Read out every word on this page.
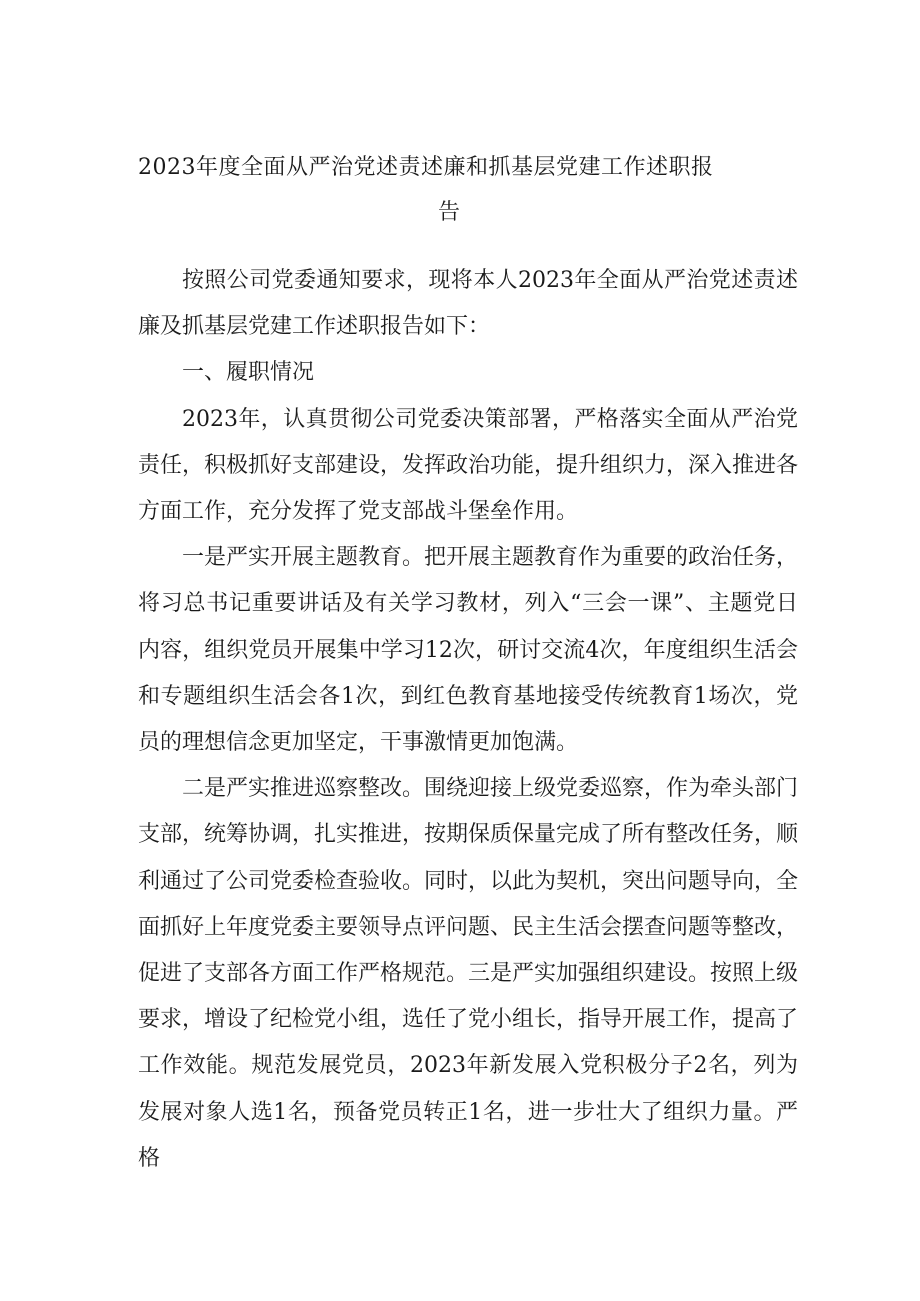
2023年度全面从严治党述责述廉和抓基层党建工作述职报
告

按照公司党委通知要求，现将本人2023年全面从严治党述责述廉及抓基层党建工作述职报告如下：

一、履职情况

2023年，认真贯彻公司党委决策部署，严格落实全面从严治党责任，积极抓好支部建设，发挥政治功能，提升组织力，深入推进各方面工作，充分发挥了党支部战斗堡垒作用。

一是严实开展主题教育。把开展主题教育作为重要的政治任务，将习总书记重要讲话及有关学习教材，列入“三会一课”、主题党日内容，组织党员开展集中学习12次，研讨交流4次，年度组织生活会和专题组织生活会各1次，到红色教育基地接受传统教育1场次，党员的理想信念更加坚定，干事激情更加饱满。

二是严实推进巡察整改。围绕迎接上级党委巡察，作为牵头部门支部，统筹协调，扎实推进，按期保质保量完成了所有整改任务，顺利通过了公司党委检查验收。同时，以此为契机，突出问题导向，全面抓好上年度党委主要领导点评问题、民主生活会摆查问题等整改，促进了支部各方面工作严格规范。三是严实加强组织建设。按照上级要求，增设了纪检党小组，选任了党小组长，指导开展工作，提高了工作效能。规范发展党员，2023年新发展入党积极分子2名，列为发展对象人选1名，预备党员转正1名，进一步壮大了组织力量。严格
